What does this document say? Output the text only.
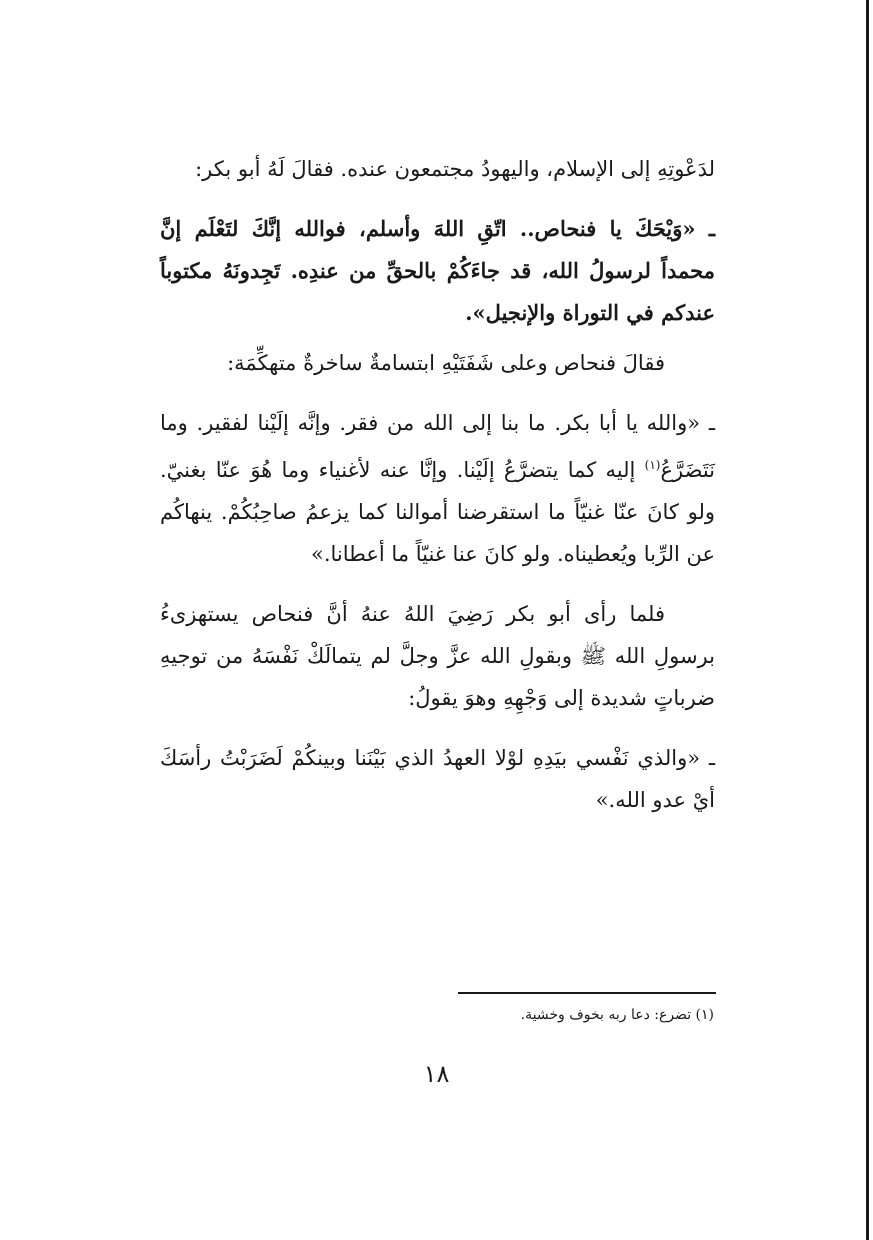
لدَعْوتِهِ إلى الإسلام، واليهودُ مجتمعون عنده. فقالَ لَهُ أبو بكر:

ـ «وَيْحَكَ يا فنحاص.. اتّقِ اللهَ وأسلم، فوالله إنَّكَ لتَعْلَم إنَّ محمداً لرسولُ الله، قد جاءَكُمْ بالحقِّ من عندِه. تَجِدونَهُ مكتوباً عندكم في التوراة والإنجيل».

فقالَ فنحاص وعلى شَفَتَيْهِ ابتسامةٌ ساخرةٌ متهكِّمَة:

ـ «والله يا أبا بكر. ما بنا إلى الله من فقر. وإنَّه إلَيْنا لفقير. وما نَتَضَرَّعُ$^{(١)}$ إليه كما يتضرَّعُ إلَيْنا. وإنَّا عنه لأغنياء وما هُوَ عنّا بغنيّ. ولو كانَ عنّا غنيّاً ما استقرضنا أموالنا كما يزعمُ صاحِبُكُمْ. ينهاكُم عن الرِّبا ويُعطيناه. ولو كانَ عنا غنيّاً ما أعطانا.»

فلما رأى أبو بكر رَضِيَ اللهُ عنهُ أنَّ فنحاص يستهزىءُ برسولِ الله ﷺ وبقولِ الله عزَّ وجلَّ لم يتمالَكْ نَفْسَهُ من توجيهِ ضرباتٍ شديدة إلى وَجْهِهِ وهوَ يقولُ:

ـ «والذي نَفْسي بيَدِهِ لوْلا العهدُ الذي بَيْنَنا وبينكُمْ لَضَرَبْتُ رأسَكَ أيْ عدو الله.»

(١) تضرع: دعا ربه بخوف وخشية.
١٨
